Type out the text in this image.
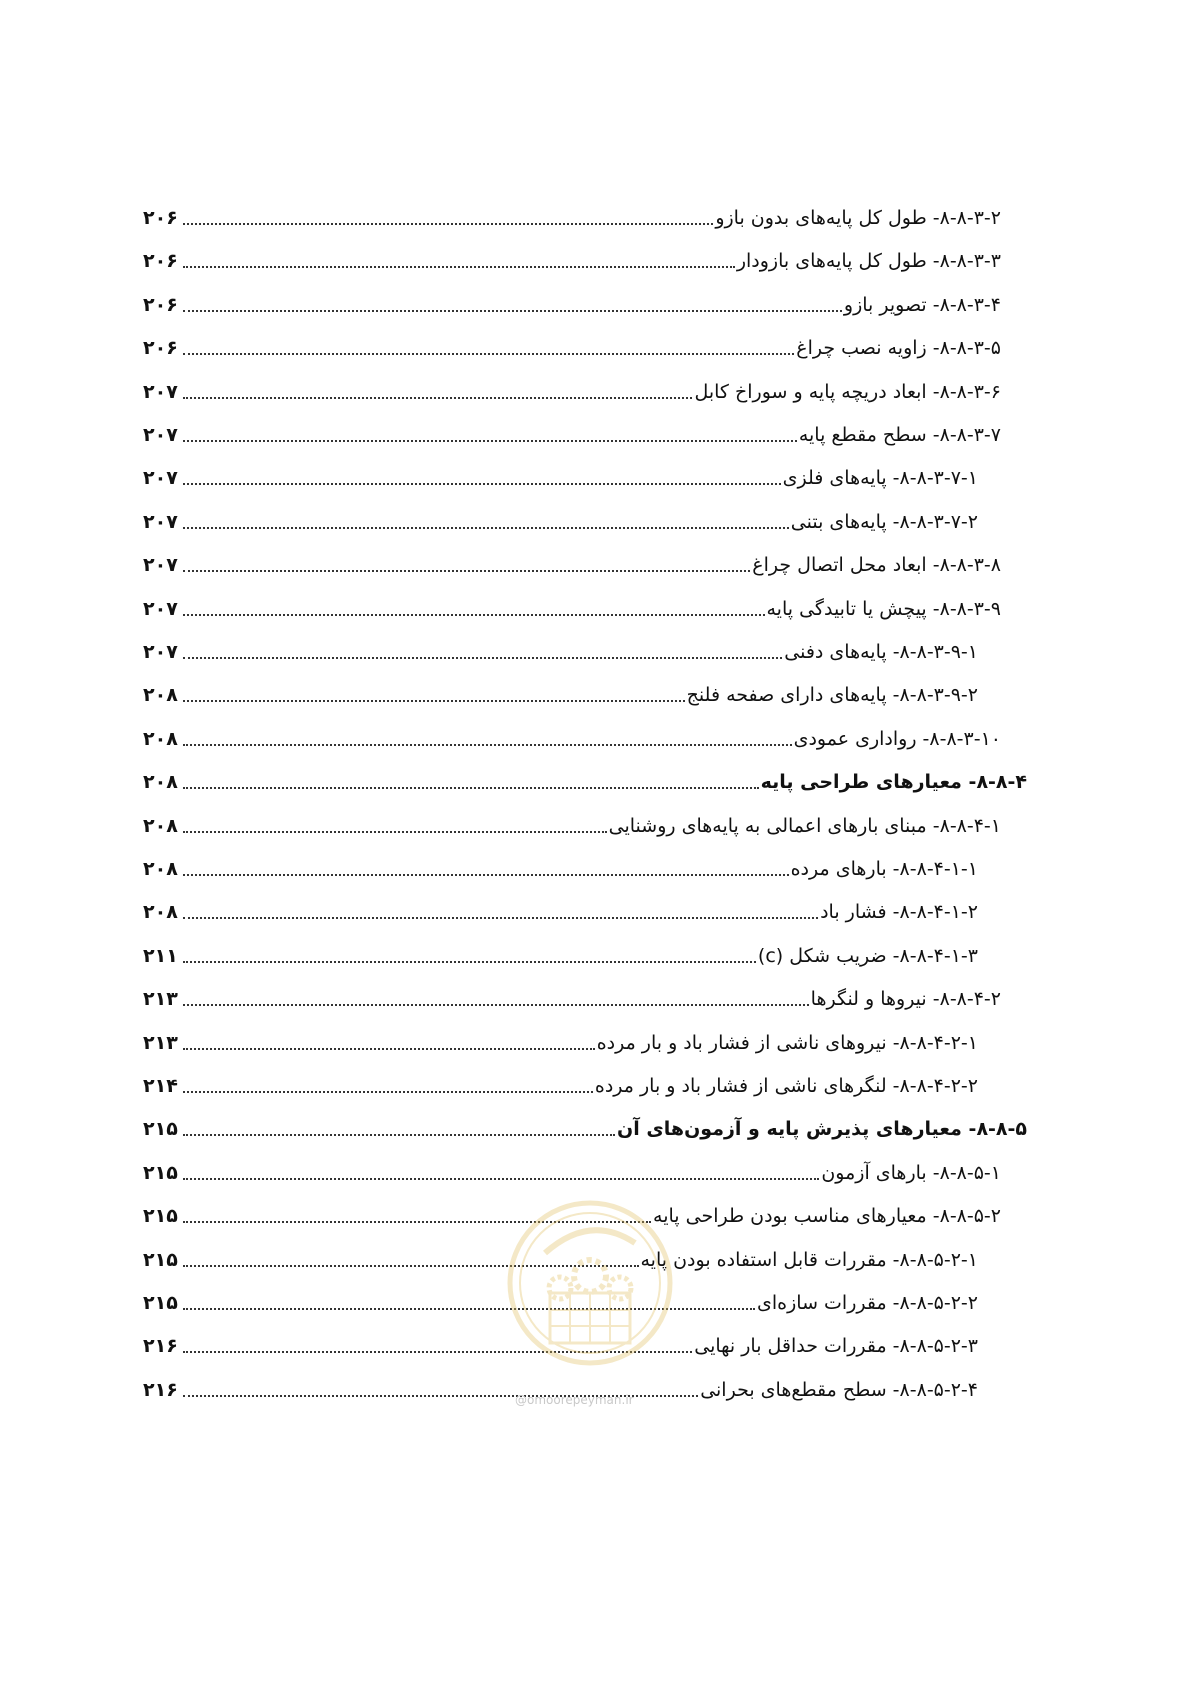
۸-۸-۳-۲- طول کل پایه‌های بدون بازو
۲۰۶
۸-۸-۳-۳- طول کل پایه‌های بازودار
۲۰۶
۸-۸-۳-۴- تصویر بازو
۲۰۶
۸-۸-۳-۵- زاویه نصب چراغ
۲۰۶
۸-۸-۳-۶- ابعاد دریچه پایه و سوراخ کابل
۲۰۷
۸-۸-۳-۷- سطح مقطع پایه
۲۰۷
۸-۸-۳-۷-۱- پایه‌های فلزی
۲۰۷
۸-۸-۳-۷-۲- پایه‌های بتنی
۲۰۷
۸-۸-۳-۸- ابعاد محل اتصال چراغ
۲۰۷
۸-۸-۳-۹- پیچش یا تابیدگی پایه
۲۰۷
۸-۸-۳-۹-۱- پایه‌های دفنی
۲۰۷
۸-۸-۳-۹-۲- پایه‌های دارای صفحه فلنج
۲۰۸
۸-۸-۳-۱۰- رواداری عمودی
۲۰۸
۸-۸-۴- معیارهای طراحی پایه
۲۰۸
۸-۸-۴-۱- مبنای بارهای اعمالی به پایه‌های روشنایی
۲۰۸
۸-۸-۴-۱-۱- بارهای مرده
۲۰۸
۸-۸-۴-۱-۲- فشار باد
۲۰۸
۸-۸-۴-۱-۳- ضریب شکل (c)
۲۱۱
۸-۸-۴-۲- نیروها و لنگرها
۲۱۳
۸-۸-۴-۲-۱- نیروهای ناشی از فشار باد و بار مرده
۲۱۳
۸-۸-۴-۲-۲- لنگرهای ناشی از فشار باد و بار مرده
۲۱۴
۸-۸-۵- معیارهای پذیرش پایه و آزمون‌های آن
۲۱۵
۸-۸-۵-۱- بارهای آزمون
۲۱۵
۸-۸-۵-۲- معیارهای مناسب بودن طراحی پایه
۲۱۵
۸-۸-۵-۲-۱- مقررات قابل استفاده بودن پایه
۲۱۵
۸-۸-۵-۲-۲- مقررات سازه‌ای
۲۱۵
۸-۸-۵-۲-۳- مقررات حداقل بار نهایی
۲۱۶
۸-۸-۵-۲-۴- سطح مقطع‌های بحرانی
۲۱۶	@omoorepeyman.ir
